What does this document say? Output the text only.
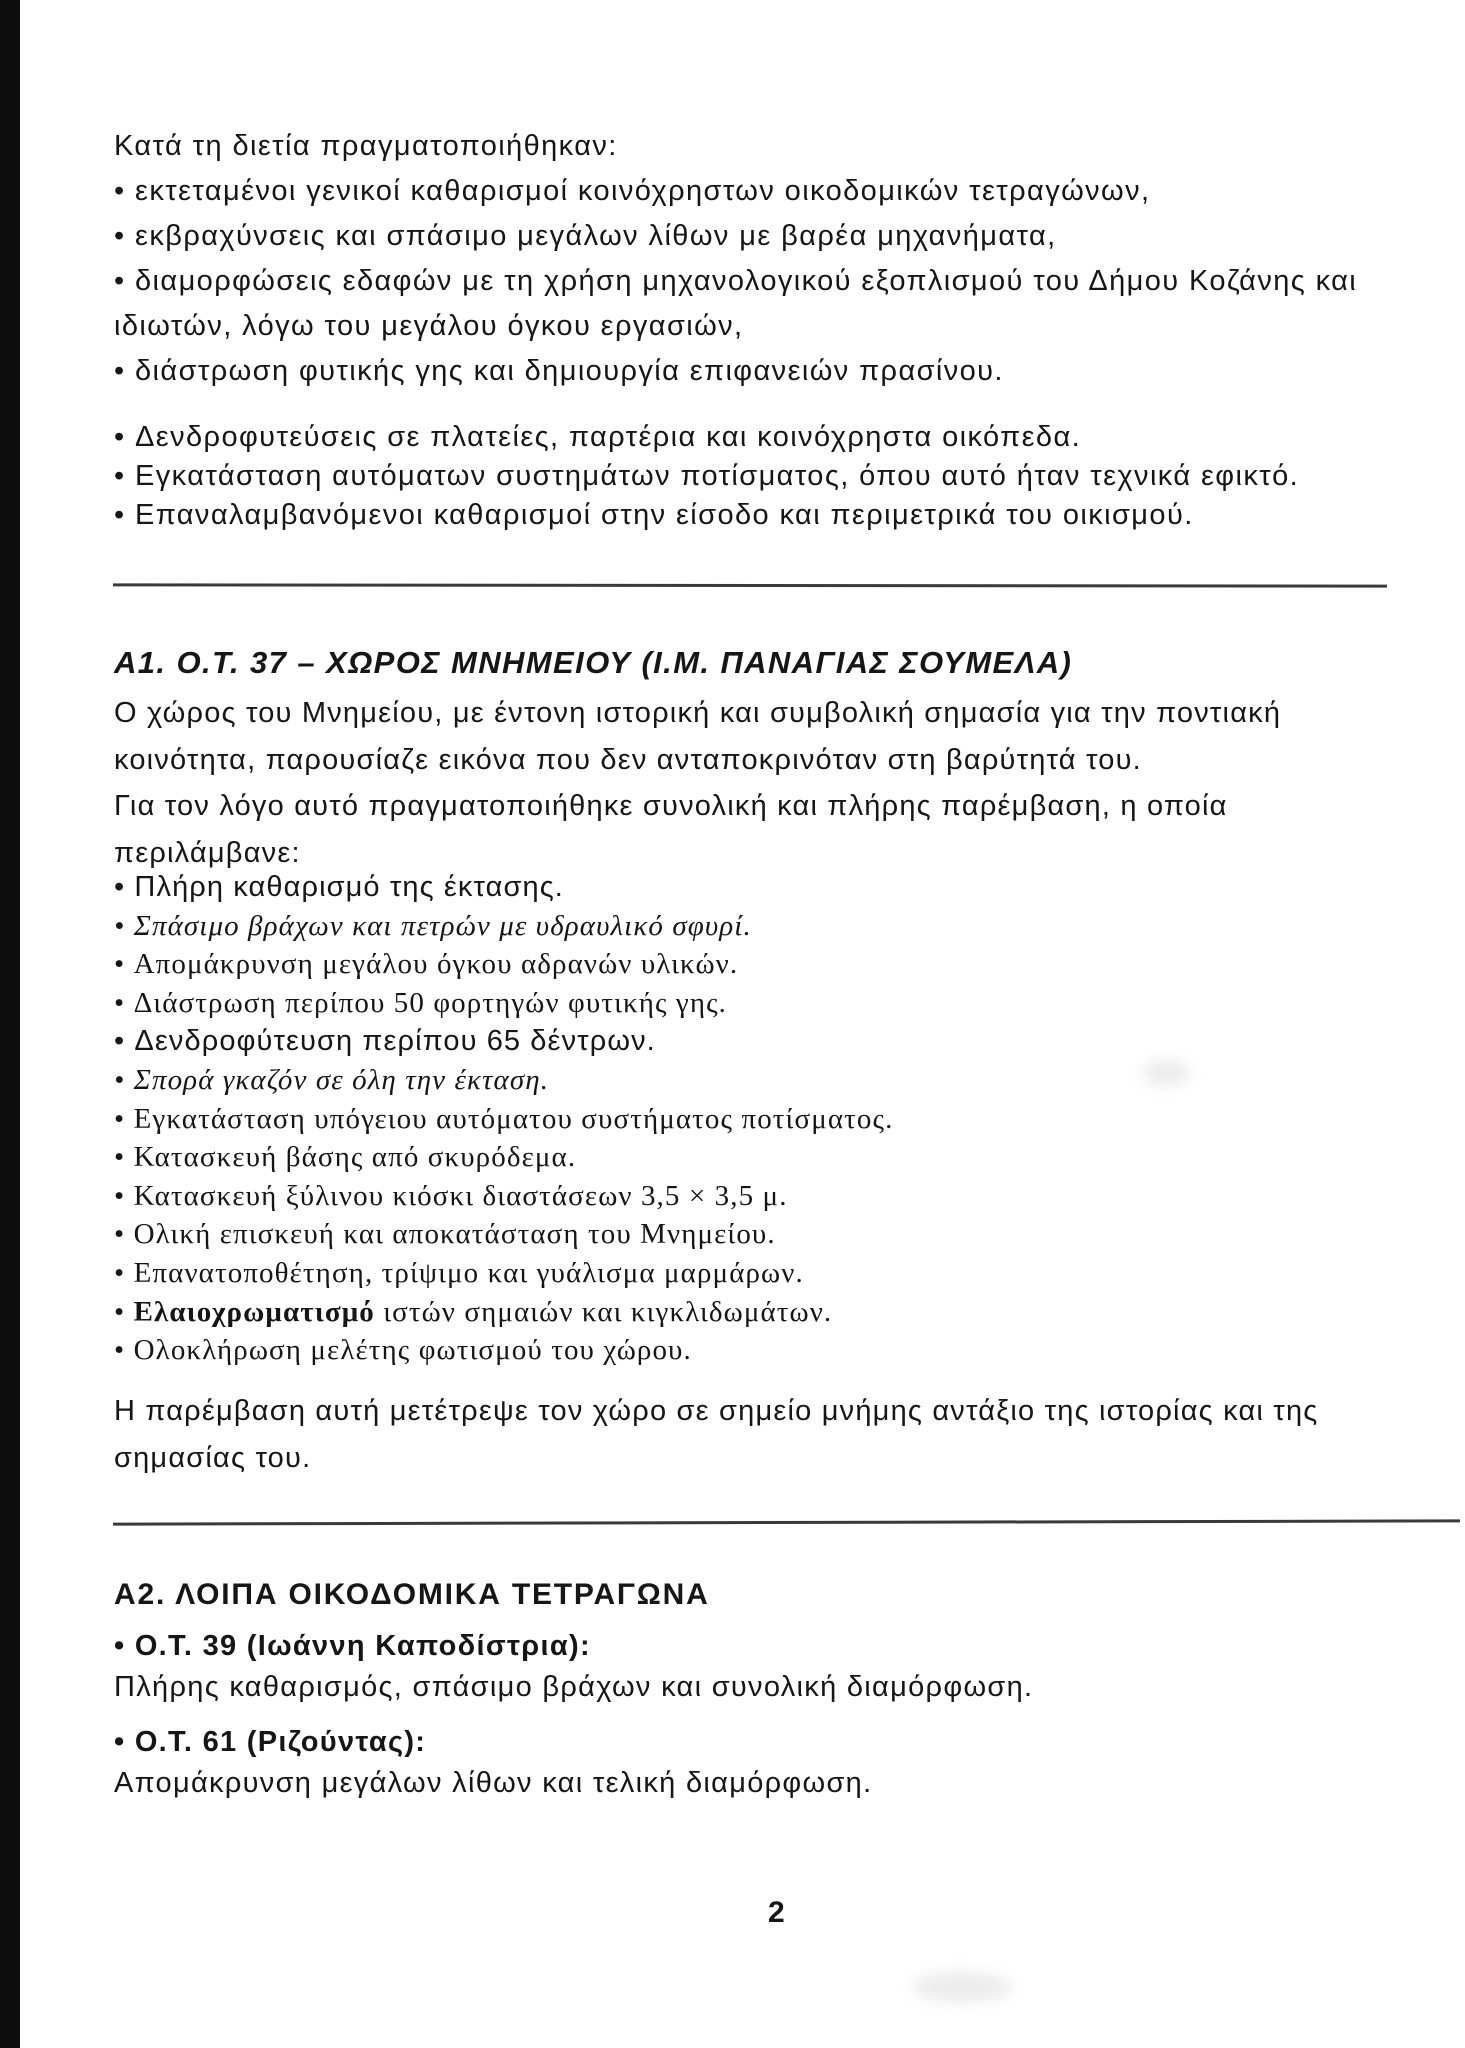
Κατά τη διετία πραγματοποιήθηκαν:
• εκτεταμένοι γενικοί καθαρισμοί κοινόχρηστων οικοδομικών τετραγώνων,
• εκβραχύνσεις και σπάσιμο μεγάλων λίθων με βαρέα μηχανήματα,
• διαμορφώσεις εδαφών με τη χρήση μηχανολογικού εξοπλισμού του Δήμου Κοζάνης και ιδιωτών, λόγω του μεγάλου όγκου εργασιών,
• διάστρωση φυτικής γης και δημιουργία επιφανειών πρασίνου.
• Δενδροφυτεύσεις σε πλατείες, παρτέρια και κοινόχρηστα οικόπεδα.
• Εγκατάσταση αυτόματων συστημάτων ποτίσματος, όπου αυτό ήταν τεχνικά εφικτό.
• Επαναλαμβανόμενοι καθαρισμοί στην είσοδο και περιμετρικά του οικισμού.
Α1. Ο.Τ. 37 – ΧΩΡΟΣ ΜΝΗΜΕΙΟΥ (Ι.Μ. ΠΑΝΑΓΙΑΣ ΣΟΥΜΕΛΑ)
Ο χώρος του Μνημείου, με έντονη ιστορική και συμβολική σημασία για την ποντιακή κοινότητα, παρουσίαζε εικόνα που δεν ανταποκρινόταν στη βαρύτητά του.
Για τον λόγο αυτό πραγματοποιήθηκε συνολική και πλήρης παρέμβαση, η οποία περιλάμβανε:
• Πλήρη καθαρισμό της έκτασης.
• Σπάσιμο βράχων και πετρών με υδραυλικό σφυρί.
• Απομάκρυνση μεγάλου όγκου αδρανών υλικών.
• Διάστρωση περίπου 50 φορτηγών φυτικής γης.
• Δενδροφύτευση περίπου 65 δέντρων.
• Σπορά γκαζόν σε όλη την έκταση.
• Εγκατάσταση υπόγειου αυτόματου συστήματος ποτίσματος.
• Κατασκευή βάσης από σκυρόδεμα.
• Κατασκευή ξύλινου κιόσκι διαστάσεων 3,5 × 3,5 μ.
• Ολική επισκευή και αποκατάσταση του Μνημείου.
• Επανατοποθέτηση, τρίψιμο και γυάλισμα μαρμάρων.
• Ελαιοχρωματισμό ιστών σημαιών και κιγκλιδωμάτων.
• Ολοκλήρωση μελέτης φωτισμού του χώρου.
Η παρέμβαση αυτή μετέτρεψε τον χώρο σε σημείο μνήμης αντάξιο της ιστορίας και της σημασίας του.
Α2. ΛΟΙΠΑ ΟΙΚΟΔΟΜΙΚΑ ΤΕΤΡΑΓΩΝΑ
• Ο.Τ. 39 (Ιωάννη Καποδίστρια):
Πλήρης καθαρισμός, σπάσιμο βράχων και συνολική διαμόρφωση.
• Ο.Τ. 61 (Ριζούντας):
Απομάκρυνση μεγάλων λίθων και τελική διαμόρφωση.
2
